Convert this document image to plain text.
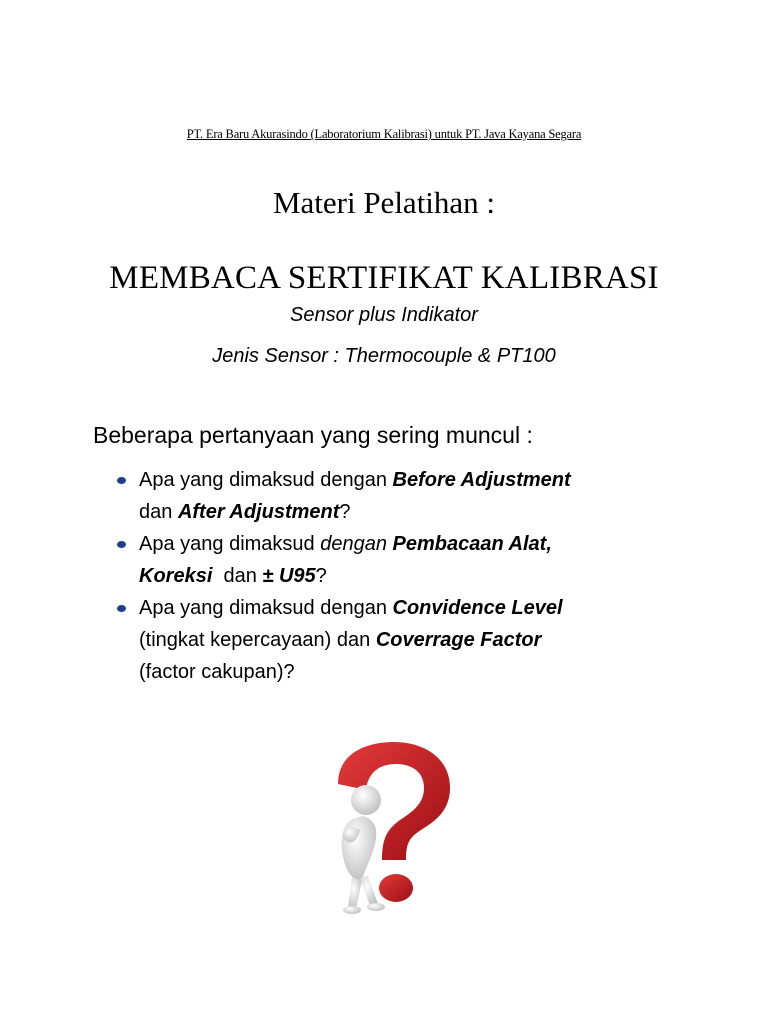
PT. Era Baru Akurasindo (Laboratorium Kalibrasi) untuk PT. Java Kayana Segara
Materi Pelatihan :
MEMBACA SERTIFIKAT KALIBRASI
Sensor plus Indikator
Jenis Sensor : Thermocouple & PT100
Beberapa pertanyaan yang sering muncul :
Apa yang dimaksud dengan Before Adjustment
dan After Adjustment?
Apa yang dimaksud dengan Pembacaan Alat,
Koreksi  dan ± U95?
Apa yang dimaksud dengan Convidence Level
(tingkat kepercayaan) dan Coverrage Factor
(factor cakupan)?
